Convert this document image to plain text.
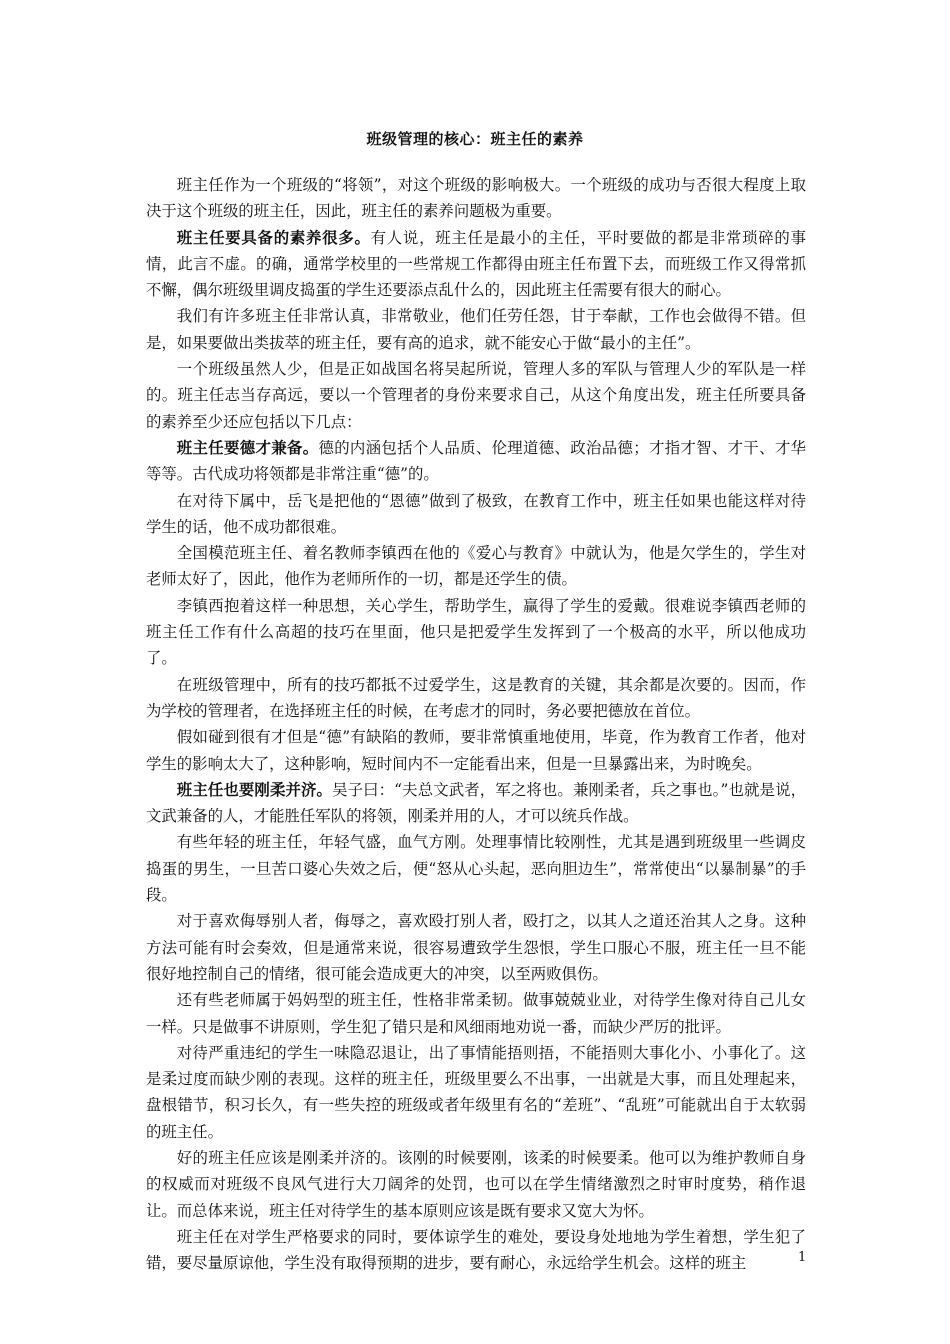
班级管理的核心：班主任的素养

班主任作为一个班级的“将领”，对这个班级的影响极大。一个班级的成功与否很大程度上取决于这个班级的班主任，因此，班主任的素养问题极为重要。

班主任要具备的素养很多。有人说，班主任是最小的主任，平时要做的都是非常琐碎的事情，此言不虚。的确，通常学校里的一些常规工作都得由班主任布置下去，而班级工作又得常抓不懈，偶尔班级里调皮捣蛋的学生还要添点乱什么的，因此班主任需要有很大的耐心。

我们有许多班主任非常认真，非常敬业，他们任劳任怨，甘于奉献，工作也会做得不错。但是，如果要做出类拔萃的班主任，要有高的追求，就不能安心于做“最小的主任”。

一个班级虽然人少，但是正如战国名将吴起所说，管理人多的军队与管理人少的军队是一样的。班主任志当存高远，要以一个管理者的身份来要求自己，从这个角度出发，班主任所要具备的素养至少还应包括以下几点：

班主任要德才兼备。德的内涵包括个人品质、伦理道德、政治品德；才指才智、才干、才华等等。古代成功将领都是非常注重“德”的。

在对待下属中，岳飞是把他的“恩德”做到了极致，在教育工作中，班主任如果也能这样对待学生的话，他不成功都很难。

全国模范班主任、着名教师李镇西在他的《爱心与教育》中就认为，他是欠学生的，学生对老师太好了，因此，他作为老师所作的一切，都是还学生的债。

李镇西抱着这样一种思想，关心学生，帮助学生，赢得了学生的爱戴。很难说李镇西老师的班主任工作有什么高超的技巧在里面，他只是把爱学生发挥到了一个极高的水平，所以他成功了。

在班级管理中，所有的技巧都抵不过爱学生，这是教育的关键，其余都是次要的。因而，作为学校的管理者，在选择班主任的时候，在考虑才的同时，务必要把德放在首位。

假如碰到很有才但是“德”有缺陷的教师，要非常慎重地使用，毕竟，作为教育工作者，他对学生的影响太大了，这种影响，短时间内不一定能看出来，但是一旦暴露出来，为时晚矣。

班主任也要刚柔并济。吴子曰：“夫总文武者，军之将也。兼刚柔者，兵之事也。”也就是说，文武兼备的人，才能胜任军队的将领，刚柔并用的人，才可以统兵作战。

有些年轻的班主任，年轻气盛，血气方刚。处理事情比较刚性，尤其是遇到班级里一些调皮捣蛋的男生，一旦苦口婆心失效之后，便“怒从心头起，恶向胆边生”，常常使出“以暴制暴”的手段。

对于喜欢侮辱别人者，侮辱之，喜欢殴打别人者，殴打之，以其人之道还治其人之身。这种方法可能有时会奏效，但是通常来说，很容易遭致学生怨恨，学生口服心不服，班主任一旦不能很好地控制自己的情绪，很可能会造成更大的冲突，以至两败俱伤。

还有些老师属于妈妈型的班主任，性格非常柔韧。做事兢兢业业，对待学生像对待自己儿女一样。只是做事不讲原则，学生犯了错只是和风细雨地劝说一番，而缺少严厉的批评。

对待严重违纪的学生一味隐忍退让，出了事情能捂则捂，不能捂则大事化小、小事化了。这是柔过度而缺少刚的表现。这样的班主任，班级里要么不出事，一出就是大事，而且处理起来，盘根错节，积习长久，有一些失控的班级或者年级里有名的“差班”、“乱班”可能就出自于太软弱的班主任。

好的班主任应该是刚柔并济的。该刚的时候要刚，该柔的时候要柔。他可以为维护教师自身的权威而对班级不良风气进行大刀阔斧的处罚，也可以在学生情绪激烈之时审时度势，稍作退让。而总体来说，班主任对待学生的基本原则应该是既有要求又宽大为怀。

班主任在对学生严格要求的同时，要体谅学生的难处，要设身处地地为学生着想，学生犯了错，要尽量原谅他，学生没有取得预期的进步，要有耐心，永远给学生机会。这样的班主	1
